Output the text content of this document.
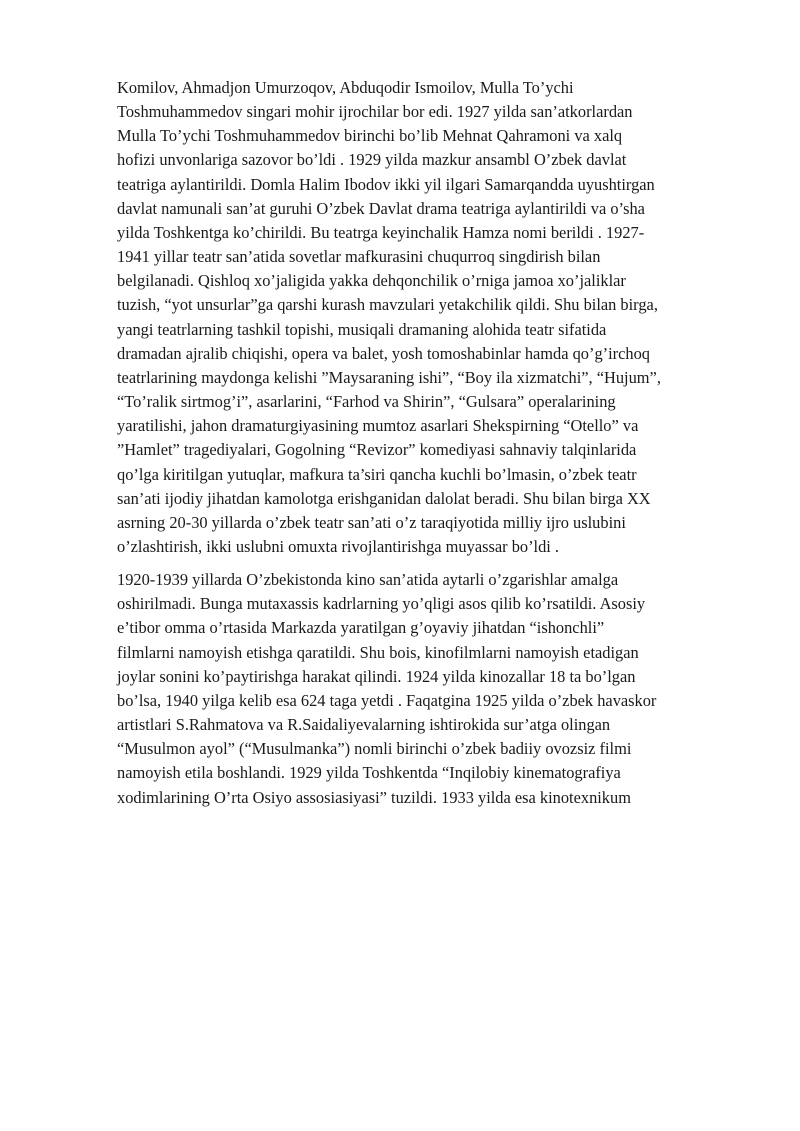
Komilov, Ahmadjon Umurzoqov, Abduqodir Ismoilov, Mulla To’ychi
Toshmuhammedov singari mohir ijrochilar bor edi. 1927 yilda san’atkorlardan
Mulla To’ychi Toshmuhammedov birinchi bo’lib Mehnat Qahramoni va xalq
hofizi unvonlariga sazovor bo’ldi . 1929 yilda mazkur ansambl O’zbek davlat
teatriga aylantirildi. Domla Halim Ibodov ikki yil ilgari Samarqandda uyushtirgan
davlat namunali san’at guruhi O’zbek Davlat drama teatriga aylantirildi va o’sha
yilda Toshkentga ko’chirildi. Bu teatrga keyinchalik Hamza nomi berildi . 1927-
1941 yillar teatr san’atida sovetlar mafkurasini chuqurroq singdirish bilan
belgilanadi. Qishloq xo’jaligida yakka dehqonchilik o’rniga jamoa xo’jaliklar
tuzish, “yot unsurlar”ga qarshi kurash mavzulari yetakchilik qildi. Shu bilan birga,
yangi teatrlarning tashkil topishi, musiqali dramaning alohida teatr sifatida
dramadan ajralib chiqishi, opera va balet, yosh tomoshabinlar hamda qo’g’irchoq
teatrlarining maydonga kelishi ”Maysaraning ishi”, “Boy ila xizmatchi”, “Hujum”,
“To’ralik sirtmog’i”, asarlarini, “Farhod va Shirin”, “Gulsara” operalarining
yaratilishi, jahon dramaturgiyasining mumtoz asarlari Shekspirning “Otello” va
”Hamlet” tragediyalari, Gogolning “Revizor” komediyasi sahnaviy talqinlarida
qo’lga kiritilgan yutuqlar, mafkura ta’siri qancha kuchli bo’lmasin, o’zbek teatr
san’ati ijodiy jihatdan kamolotga erishganidan dalolat beradi. Shu bilan birga XX
asrning 20-30 yillarda o’zbek teatr san’ati o’z taraqiyotida milliy ijro uslubini
o’zlashtirish, ikki uslubni omuxta rivojlantirishga muyassar bo’ldi .

1920-1939 yillarda O’zbekistonda kino san’atida aytarli o’zgarishlar amalga
oshirilmadi. Bunga mutaxassis kadrlarning yo’qligi asos qilib ko’rsatildi. Asosiy
e’tibor omma o’rtasida Markazda yaratilgan g’oyaviy jihatdan “ishonchli”
filmlarni namoyish etishga qaratildi. Shu bois, kinofilmlarni namoyish etadigan
joylar sonini ko’paytirishga harakat qilindi. 1924 yilda kinozallar 18 ta bo’lgan
bo’lsa, 1940 yilga kelib esa 624 taga yetdi . Faqatgina 1925 yilda o’zbek havaskor
artistlari S.Rahmatova va R.Saidaliyevalarning ishtirokida sur’atga olingan
“Musulmon ayol” (“Musulmanka”) nomli birinchi o’zbek badiiy ovozsiz filmi
namoyish etila boshlandi. 1929 yilda Toshkentda “Inqilobiy kinematografiya
xodimlarining O’rta Osiyo assosiasiyasi” tuzildi. 1933 yilda esa kinotexnikum
